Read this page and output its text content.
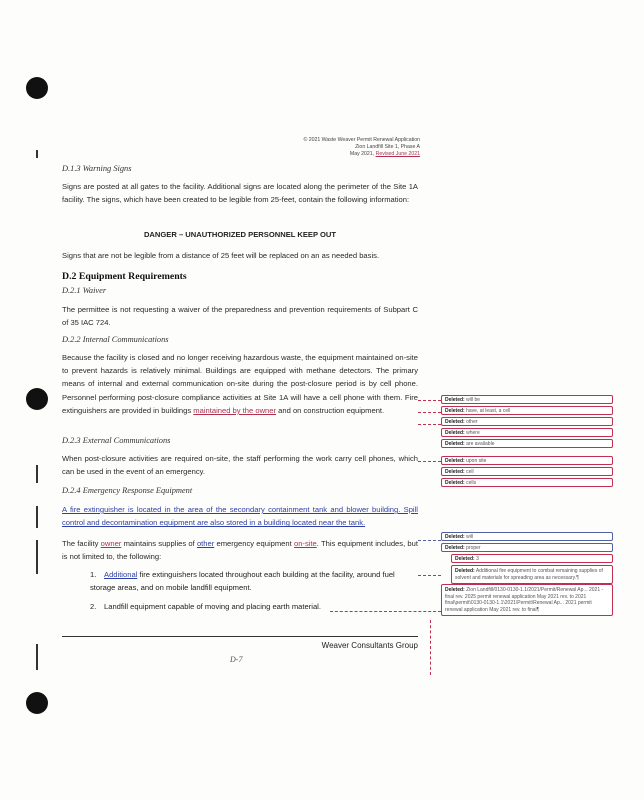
© 2021 Waste Weaver Permit Renewal Application
Zion Landfill Site 1, Phase A
May 2021, Revised June 2021
D.1.3 Warning Signs
Signs are posted at all gates to the facility. Additional signs are located along the perimeter of the Site 1A facility. The signs, which have been created to be legible from 25-feet, contain the following information:
DANGER – UNAUTHORIZED PERSONNEL KEEP OUT
Signs that are not be legible from a distance of 25 feet will be replaced on an as needed basis.
D.2 Equipment Requirements
D.2.1 Waiver
The permittee is not requesting a waiver of the preparedness and prevention requirements of Subpart C of 35 IAC 724.
D.2.2 Internal Communications
Because the facility is closed and no longer receiving hazardous waste, the equipment maintained on-site to prevent hazards is relatively minimal. Buildings are equipped with methane detectors. The primary means of internal and external communication on-site during the post-closure period is by cell phone. Personnel performing post-closure compliance activities at Site 1A will have a cell phone with them. Fire extinguishers are provided in buildings maintained by the owner and on construction equipment.
D.2.3 External Communications
When post-closure activities are required on-site, the staff performing the work carry cell phones, which can be used in the event of an emergency.
D.2.4 Emergency Response Equipment
A fire extinguisher is located in the area of the secondary containment tank and blower building. Spill control and decontamination equipment are also stored in a building located near the tank.
The facility owner maintains supplies of other emergency equipment on-site. This equipment includes, but is not limited to, the following:
1. Additional fire extinguishers located throughout each building at the facility, around fuel storage areas, and on mobile landfill equipment.
2. Landfill equipment capable of moving and placing earth material.
Weaver Consultants Group
D-7
Deleted: will be
Deleted: have, at least, a cell
Deleted: other
Deleted: where
Deleted: are available
Deleted: upon site
Deleted: cell
Deleted: cells
Deleted: will
Deleted: proper
Deleted: 3
Deleted: Additional fire equipment to combat remaining supplies of solvent and materials for spreading area as necessary.¶
Deleted: Zion Landfill/0130-0130-1.1/2021/Permit/Renewal Ap... 2021 - final rev. 2025 permit renewal application May 2021 rev. to 2021 final\permit\0130-0130-1.1\2021\Permit\Renewal Ap... 2021 permit renewal application May 2021 rev. to final¶
